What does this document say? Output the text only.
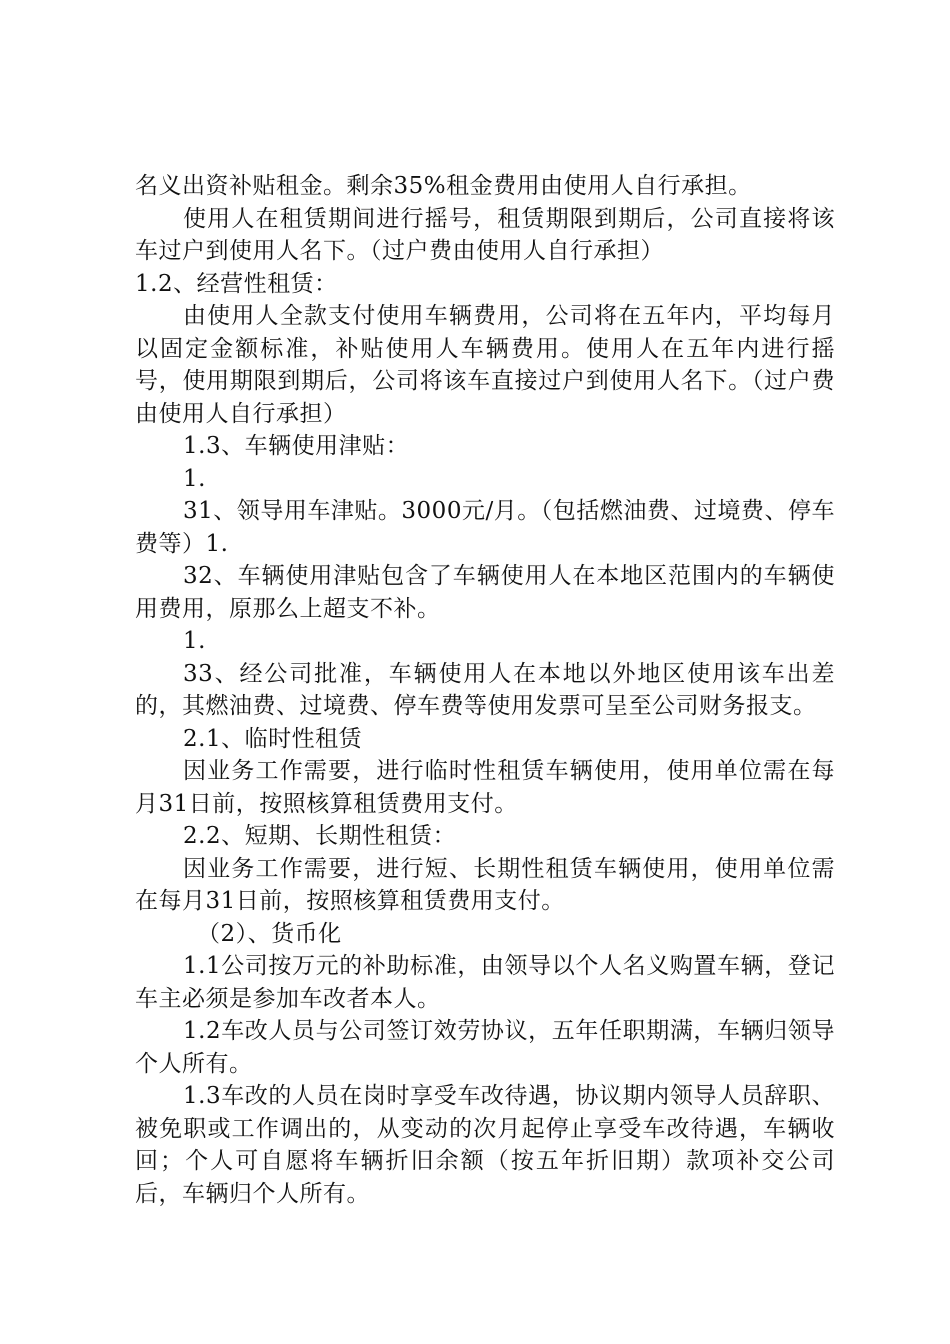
名义出资补贴租金。剩余35%租金费用由使用人自行承担。

使用人在租赁期间进行摇号，租赁期限到期后，公司直接将该车过户到使用人名下。（过户费由使用人自行承担）

1.2、经营性租赁：

由使用人全款支付使用车辆费用，公司将在五年内，平均每月以固定金额标准，补贴使用人车辆费用。使用人在五年内进行摇号，使用期限到期后，公司将该车直接过户到使用人名下。（过户费由使用人自行承担）

1.3、车辆使用津贴：

1.

31、领导用车津贴。3000元/月。（包括燃油费、过境费、停车费等）1.

32、车辆使用津贴包含了车辆使用人在本地区范围内的车辆使用费用，原那么上超支不补。

1.

33、经公司批准，车辆使用人在本地以外地区使用该车出差的，其燃油费、过境费、停车费等使用发票可呈至公司财务报支。

2.1、临时性租赁

因业务工作需要，进行临时性租赁车辆使用，使用单位需在每月31日前，按照核算租赁费用支付。

2.2、短期、长期性租赁：

因业务工作需要，进行短、长期性租赁车辆使用，使用单位需在每月31日前，按照核算租赁费用支付。

（2）、货币化

1.1公司按万元的补助标准，由领导以个人名义购置车辆，登记车主必须是参加车改者本人。

1.2车改人员与公司签订效劳协议，五年任职期满，车辆归领导个人所有。

1.3车改的人员在岗时享受车改待遇，协议期内领导人员辞职、被免职或工作调出的，从变动的次月起停止享受车改待遇，车辆收回；个人可自愿将车辆折旧余额（按五年折旧期）款项补交公司后，车辆归个人所有。
